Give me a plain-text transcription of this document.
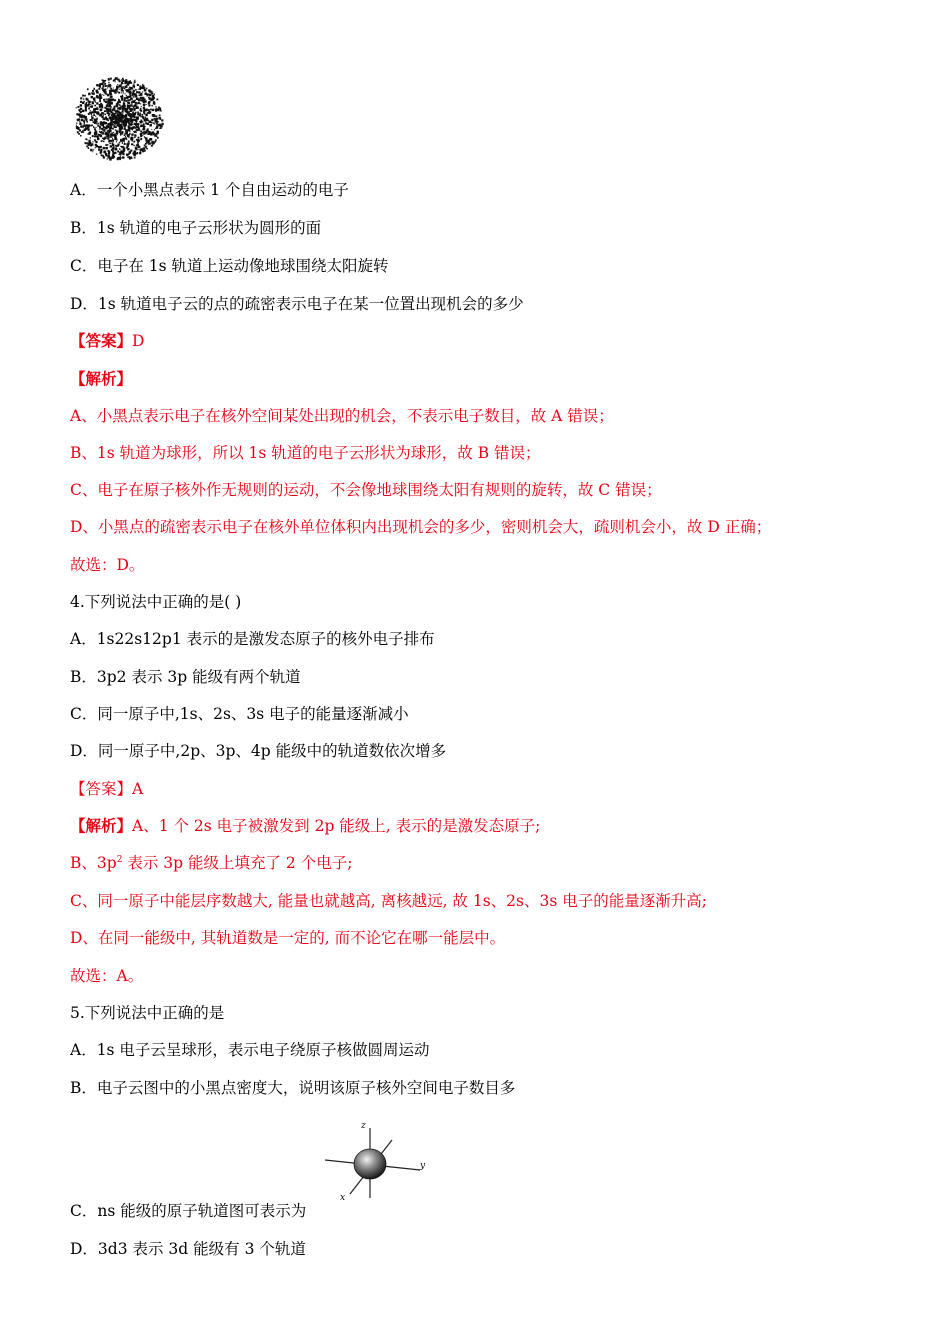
A．一个小黑点表示 1 个自由运动的电子
B．1s 轨道的电子云形状为圆形的面
C．电子在 1s 轨道上运动像地球围绕太阳旋转
D．1s 轨道电子云的点的疏密表示电子在某一位置出现机会的多少
【答案】D
【解析】
A、小黑点表示电子在核外空间某处出现的机会，不表示电子数目，故 A 错误；
B、1s 轨道为球形，所以 1s 轨道的电子云形状为球形，故 B 错误；
C、电子在原子核外作无规则的运动，不会像地球围绕太阳有规则的旋转，故 C 错误；
D、小黑点的疏密表示电子在核外单位体积内出现机会的多少，密则机会大，疏则机会小，故 D 正确；
故选：D。
4.下列说法中正确的是( )
A．1s22s12p1 表示的是激发态原子的核外电子排布
B．3p2 表示 3p 能级有两个轨道
C．同一原子中,1s、2s、3s 电子的能量逐渐减小
D．同一原子中,2p、3p、4p 能级中的轨道数依次增多
【答案】A
【解析】A、1 个 2s 电子被激发到 2p 能级上, 表示的是激发态原子;
B、$3p^2$ 表示 3p 能级上填充了 2 个电子;
C、同一原子中能层序数越大, 能量也就越高, 离核越远, 故 1s、2s、3s 电子的能量逐渐升高;
D、在同一能级中, 其轨道数是一定的, 而不论它在哪一能层中。
故选：A。
5.下列说法中正确的是
A．1s 电子云呈球形，表示电子绕原子核做圆周运动
B．电子云图中的小黑点密度大，说明该原子核外空间电子数目多
z
y
x
C．ns 能级的原子轨道图可表示为
D．3d3 表示 3d 能级有 3 个轨道
